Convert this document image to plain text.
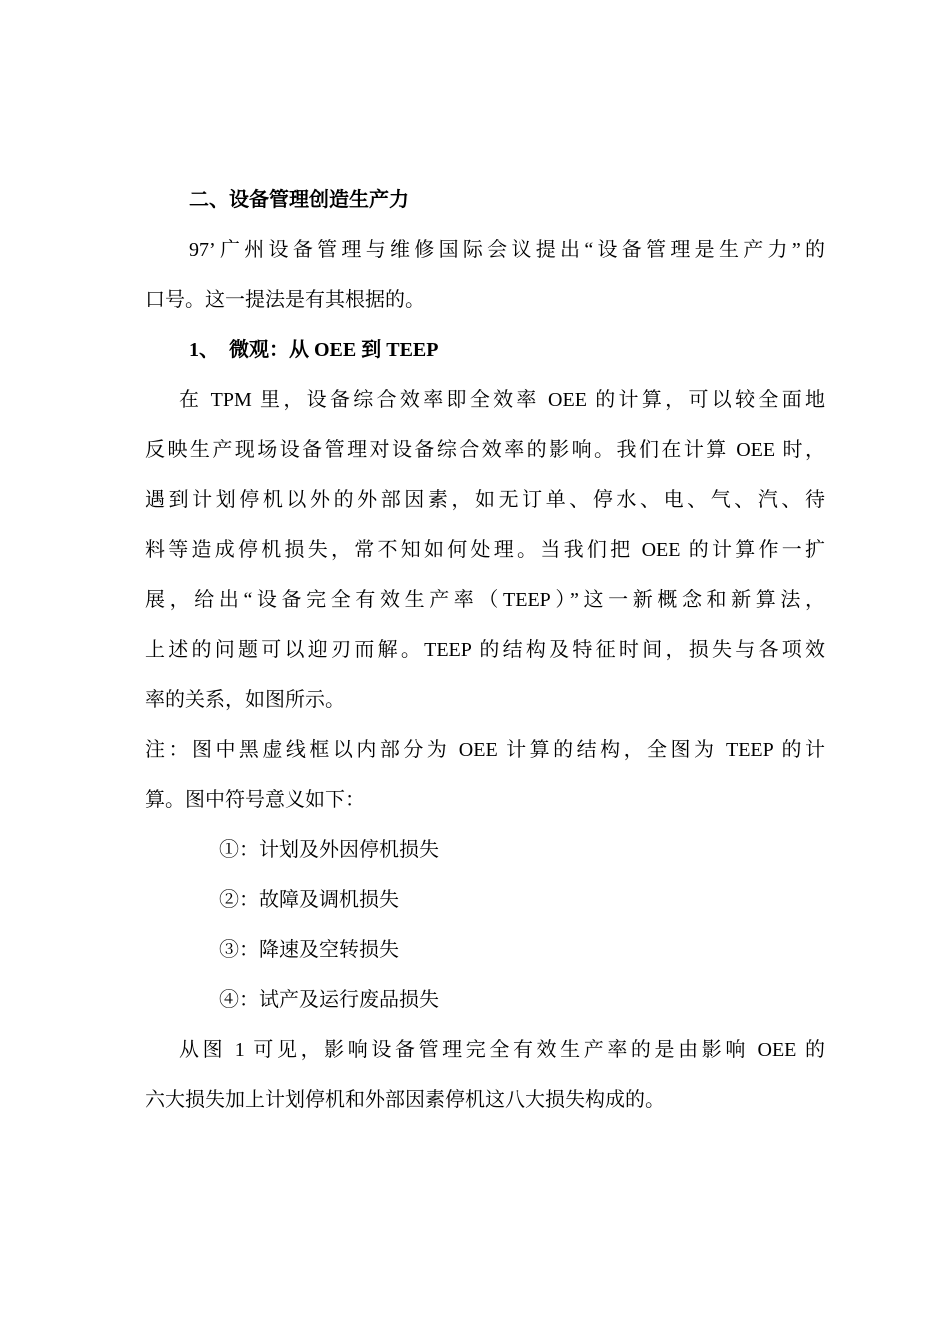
二、设备管理创造生产力
97’广州设备管理与维修国际会议提出“设备管理是生产力”的
口号。这一提法是有其根据的。
1、　微观：从 OEE 到 TEEP
在 TPM 里，设备综合效率即全效率 OEE 的计算，可以较全面地
反映生产现场设备管理对设备综合效率的影响。我们在计算 OEE 时，
遇到计划停机以外的外部因素，如无订单、停水、电、气、汽、待
料等造成停机损失，常不知如何处理。当我们把 OEE 的计算作一扩
展，给出“设备完全有效生产率（TEEP）”这一新概念和新算法，
上述的问题可以迎刃而解。TEEP 的结构及特征时间，损失与各项效
率的关系，如图所示。
注：图中黑虚线框以内部分为 OEE 计算的结构，全图为 TEEP 的计
算。图中符号意义如下：
①：计划及外因停机损失
②：故障及调机损失
③：降速及空转损失
④：试产及运行废品损失
从图 1 可见，影响设备管理完全有效生产率的是由影响 OEE 的
六大损失加上计划停机和外部因素停机这八大损失构成的。
